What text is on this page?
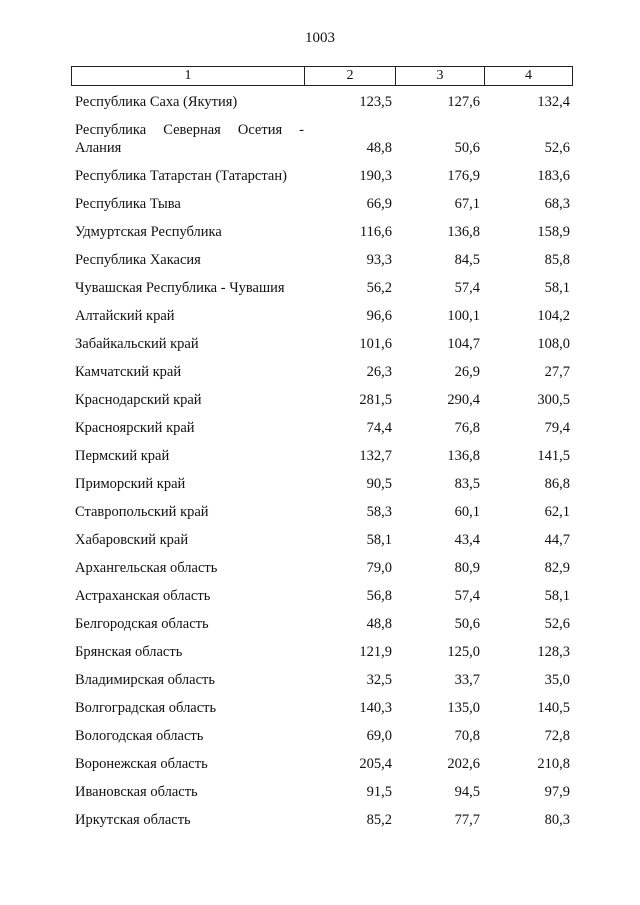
1003
1	2	3	4
Республика Саха (Якутия)	123,5	127,6	132,4
Республика Северная Осетия - Алания	48,8	50,6	52,6
Республика Татарстан (Татарстан)	190,3	176,9	183,6
Республика Тыва	66,9	67,1	68,3
Удмуртская Республика	116,6	136,8	158,9
Республика Хакасия	93,3	84,5	85,8
Чувашская Республика - Чувашия	56,2	57,4	58,1
Алтайский край	96,6	100,1	104,2
Забайкальский край	101,6	104,7	108,0
Камчатский край	26,3	26,9	27,7
Краснодарский край	281,5	290,4	300,5
Красноярский край	74,4	76,8	79,4
Пермский край	132,7	136,8	141,5
Приморский край	90,5	83,5	86,8
Ставропольский край	58,3	60,1	62,1
Хабаровский край	58,1	43,4	44,7
Архангельская область	79,0	80,9	82,9
Астраханская область	56,8	57,4	58,1
Белгородская область	48,8	50,6	52,6
Брянская область	121,9	125,0	128,3
Владимирская область	32,5	33,7	35,0
Волгоградская область	140,3	135,0	140,5
Вологодская область	69,0	70,8	72,8
Воронежская область	205,4	202,6	210,8
Ивановская область	91,5	94,5	97,9
Иркутская область	85,2	77,7	80,3
